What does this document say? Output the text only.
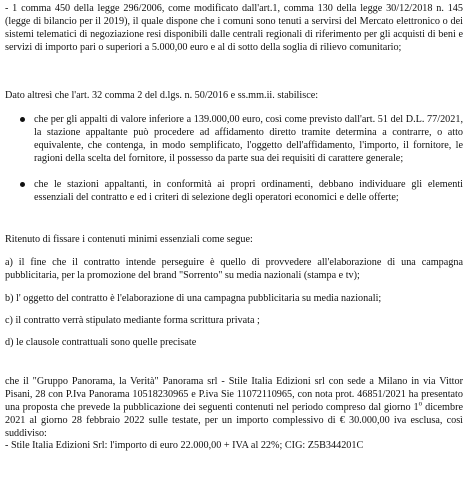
- 1 comma 450 della legge 296/2006, come modificato dall'art.1, comma 130 della legge 30/12/2018 n. 145 (legge di bilancio per il 2019), il quale dispone che i comuni sono tenuti a servirsi del Mercato elettronico o dei sistemi telematici di negoziazione resi disponibili dalle centrali regionali di riferimento per gli acquisti di beni e servizi di importo pari o superiori a 5.000,00 euro e al di sotto della soglia di rilievo comunitario;

Dato altresì che l'art. 32 comma 2 del d.lgs. n. 50/2016 e ss.mm.ii. stabilisce:

che per gli appalti di valore inferiore a 139.000,00 euro, così come previsto dall'art. 51 del D.L. 77/2021, la stazione appaltante può procedere ad affidamento diretto tramite determina a contrarre, o atto equivalente, che contenga, in modo semplificato, l'oggetto dell'affidamento, l'importo, il fornitore, le ragioni della scelta del fornitore, il possesso da parte sua dei requisiti di carattere generale;

che le stazioni appaltanti, in conformità ai propri ordinamenti, debbano individuare gli elementi essenziali del contratto e ed i criteri di selezione degli operatori economici e delle offerte;

Ritenuto di fissare i contenuti minimi essenziali come segue:

a) il fine che il contratto intende perseguire è quello di provvedere all'elaborazione di una campagna pubblicitaria, per la promozione del brand "Sorrento" su media nazionali (stampa e tv);

b) l' oggetto del contratto è l'elaborazione di una campagna pubblicitaria su media nazionali;

c) il contratto verrà stipulato mediante forma scrittura privata ;

d) le clausole contrattuali sono quelle precisate

che il "Gruppo Panorama, la Verità" Panorama srl - Stile Italia Edizioni srl con sede a Milano in via Vittor Pisani, 28 con P.Iva Panorama 10518230965 e P.iva Sie 11072110965, con nota prot. 46851/2021 ha presentato una proposta che prevede la pubblicazione dei seguenti contenuti nel periodo compreso dal giorno 1$^o$ dicembre 2021 al giorno 28 febbraio 2022 sulle testate, per un importo complessivo di € 30.000,00 iva esclusa, così suddiviso:

- Stile Italia Edizioni Srl: l'importo di euro 22.000,00 + IVA al 22%; CIG: Z5B344201C
